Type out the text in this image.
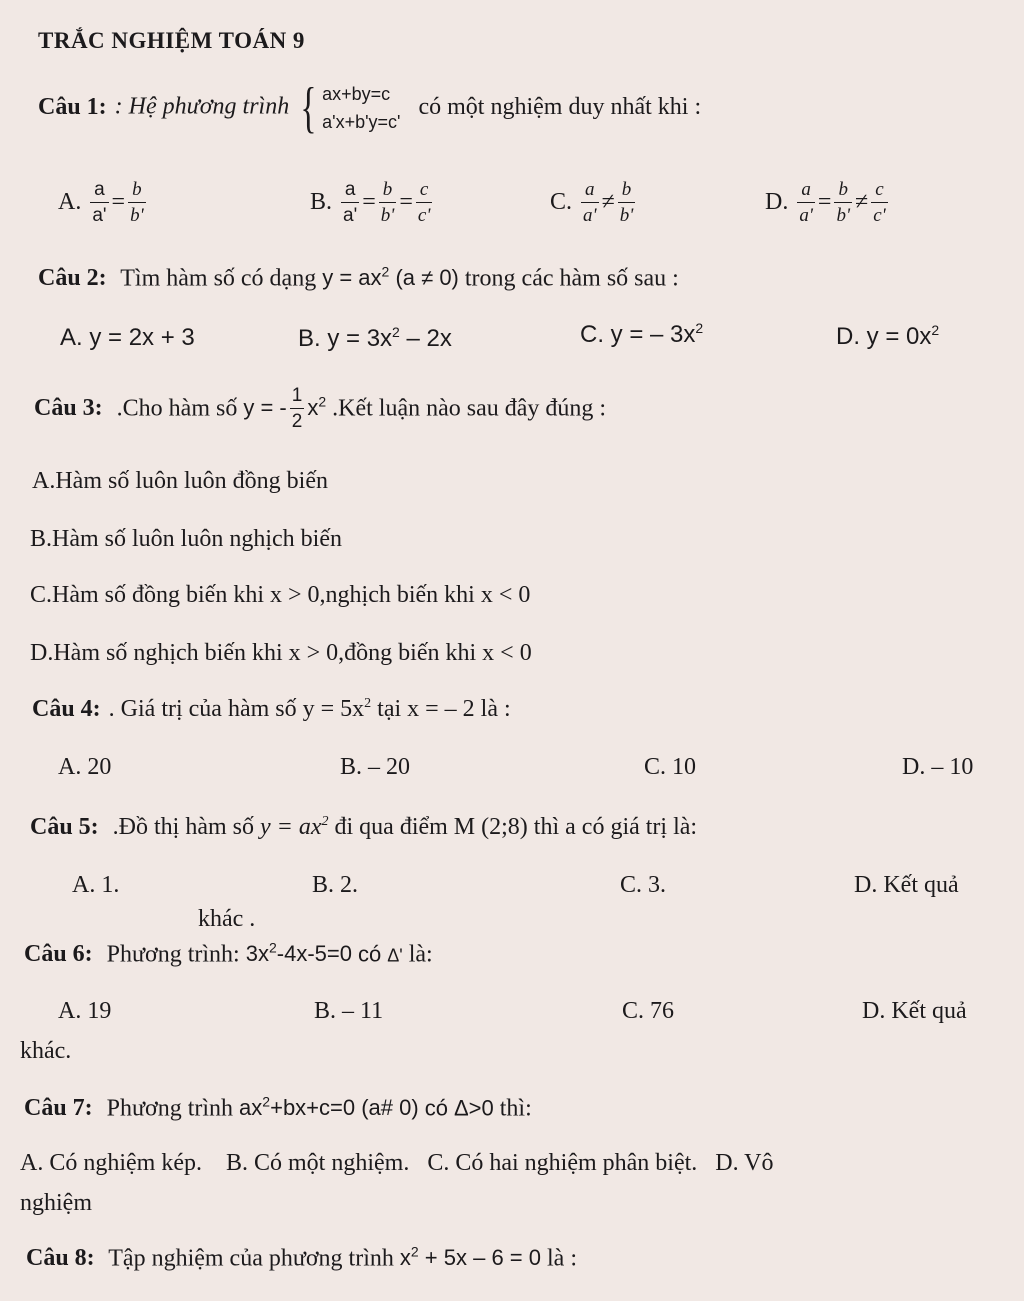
TRẮC NGHIỆM TOÁN 9
Câu 1: : Hệ phương trình { ax+by=c
a'x+b'y=c'
có một nghiệm duy nhất khi :
A. $\frac{a}{a'} = \frac{b}{b'}$	B. $\frac{a}{a'} = \frac{b}{b'} = \frac{c}{c'}$	C. $\frac{a}{a'} \ne \frac{b}{b'}$	D. $\frac{a}{a'} = \frac{b}{b'} \ne \frac{c}{c'}$
Câu 2: Tìm hàm số có dạng $y = ax^2$ (a ≠ 0) trong các hàm số sau :
A. y = 2x + 3	B. $y = 3x^2 - 2x$	C. y = – $3x^2$	D. $y = 0x^2$
Câu 3: .Cho hàm số y = - $\frac{1}{2} x^2$ .Kết luận nào sau đây đúng :
A.Hàm số luôn luôn đồng biến
B.Hàm số luôn luôn nghịch biến
C.Hàm số đồng biến khi x > 0,nghịch biến khi x < 0
D.Hàm số nghịch biến khi x > 0,đồng biến khi x < 0
Câu 4: . Giá trị của hàm số $y = 5x^2$ tại x = – 2 là :
A. 20	B. – 20	C. 10	D. – 10
Câu 5: .Đồ thị hàm số $y = ax^2$ đi qua điểm M (2;8) thì a có giá trị là:
A. 1.	B. 2.	C. 3.	D. Kết quả
khác .
Câu 6: Phương trình: $3x^2-4x-5=0$ có Δ' là:
A. 19	B. – 11	C. 76	D. Kết quả
khác.
Câu 7: Phương trình $ax^2+bx+c=0$ (a# 0) có Δ>0 thì:
A. Có nghiệm kép.    B. Có một nghiệm.   C. Có hai nghiệm phân biệt.   D. Vô
nghiệm
Câu 8: Tập nghiệm của phương trình $x^2 + 5x - 6 = 0$ là :
